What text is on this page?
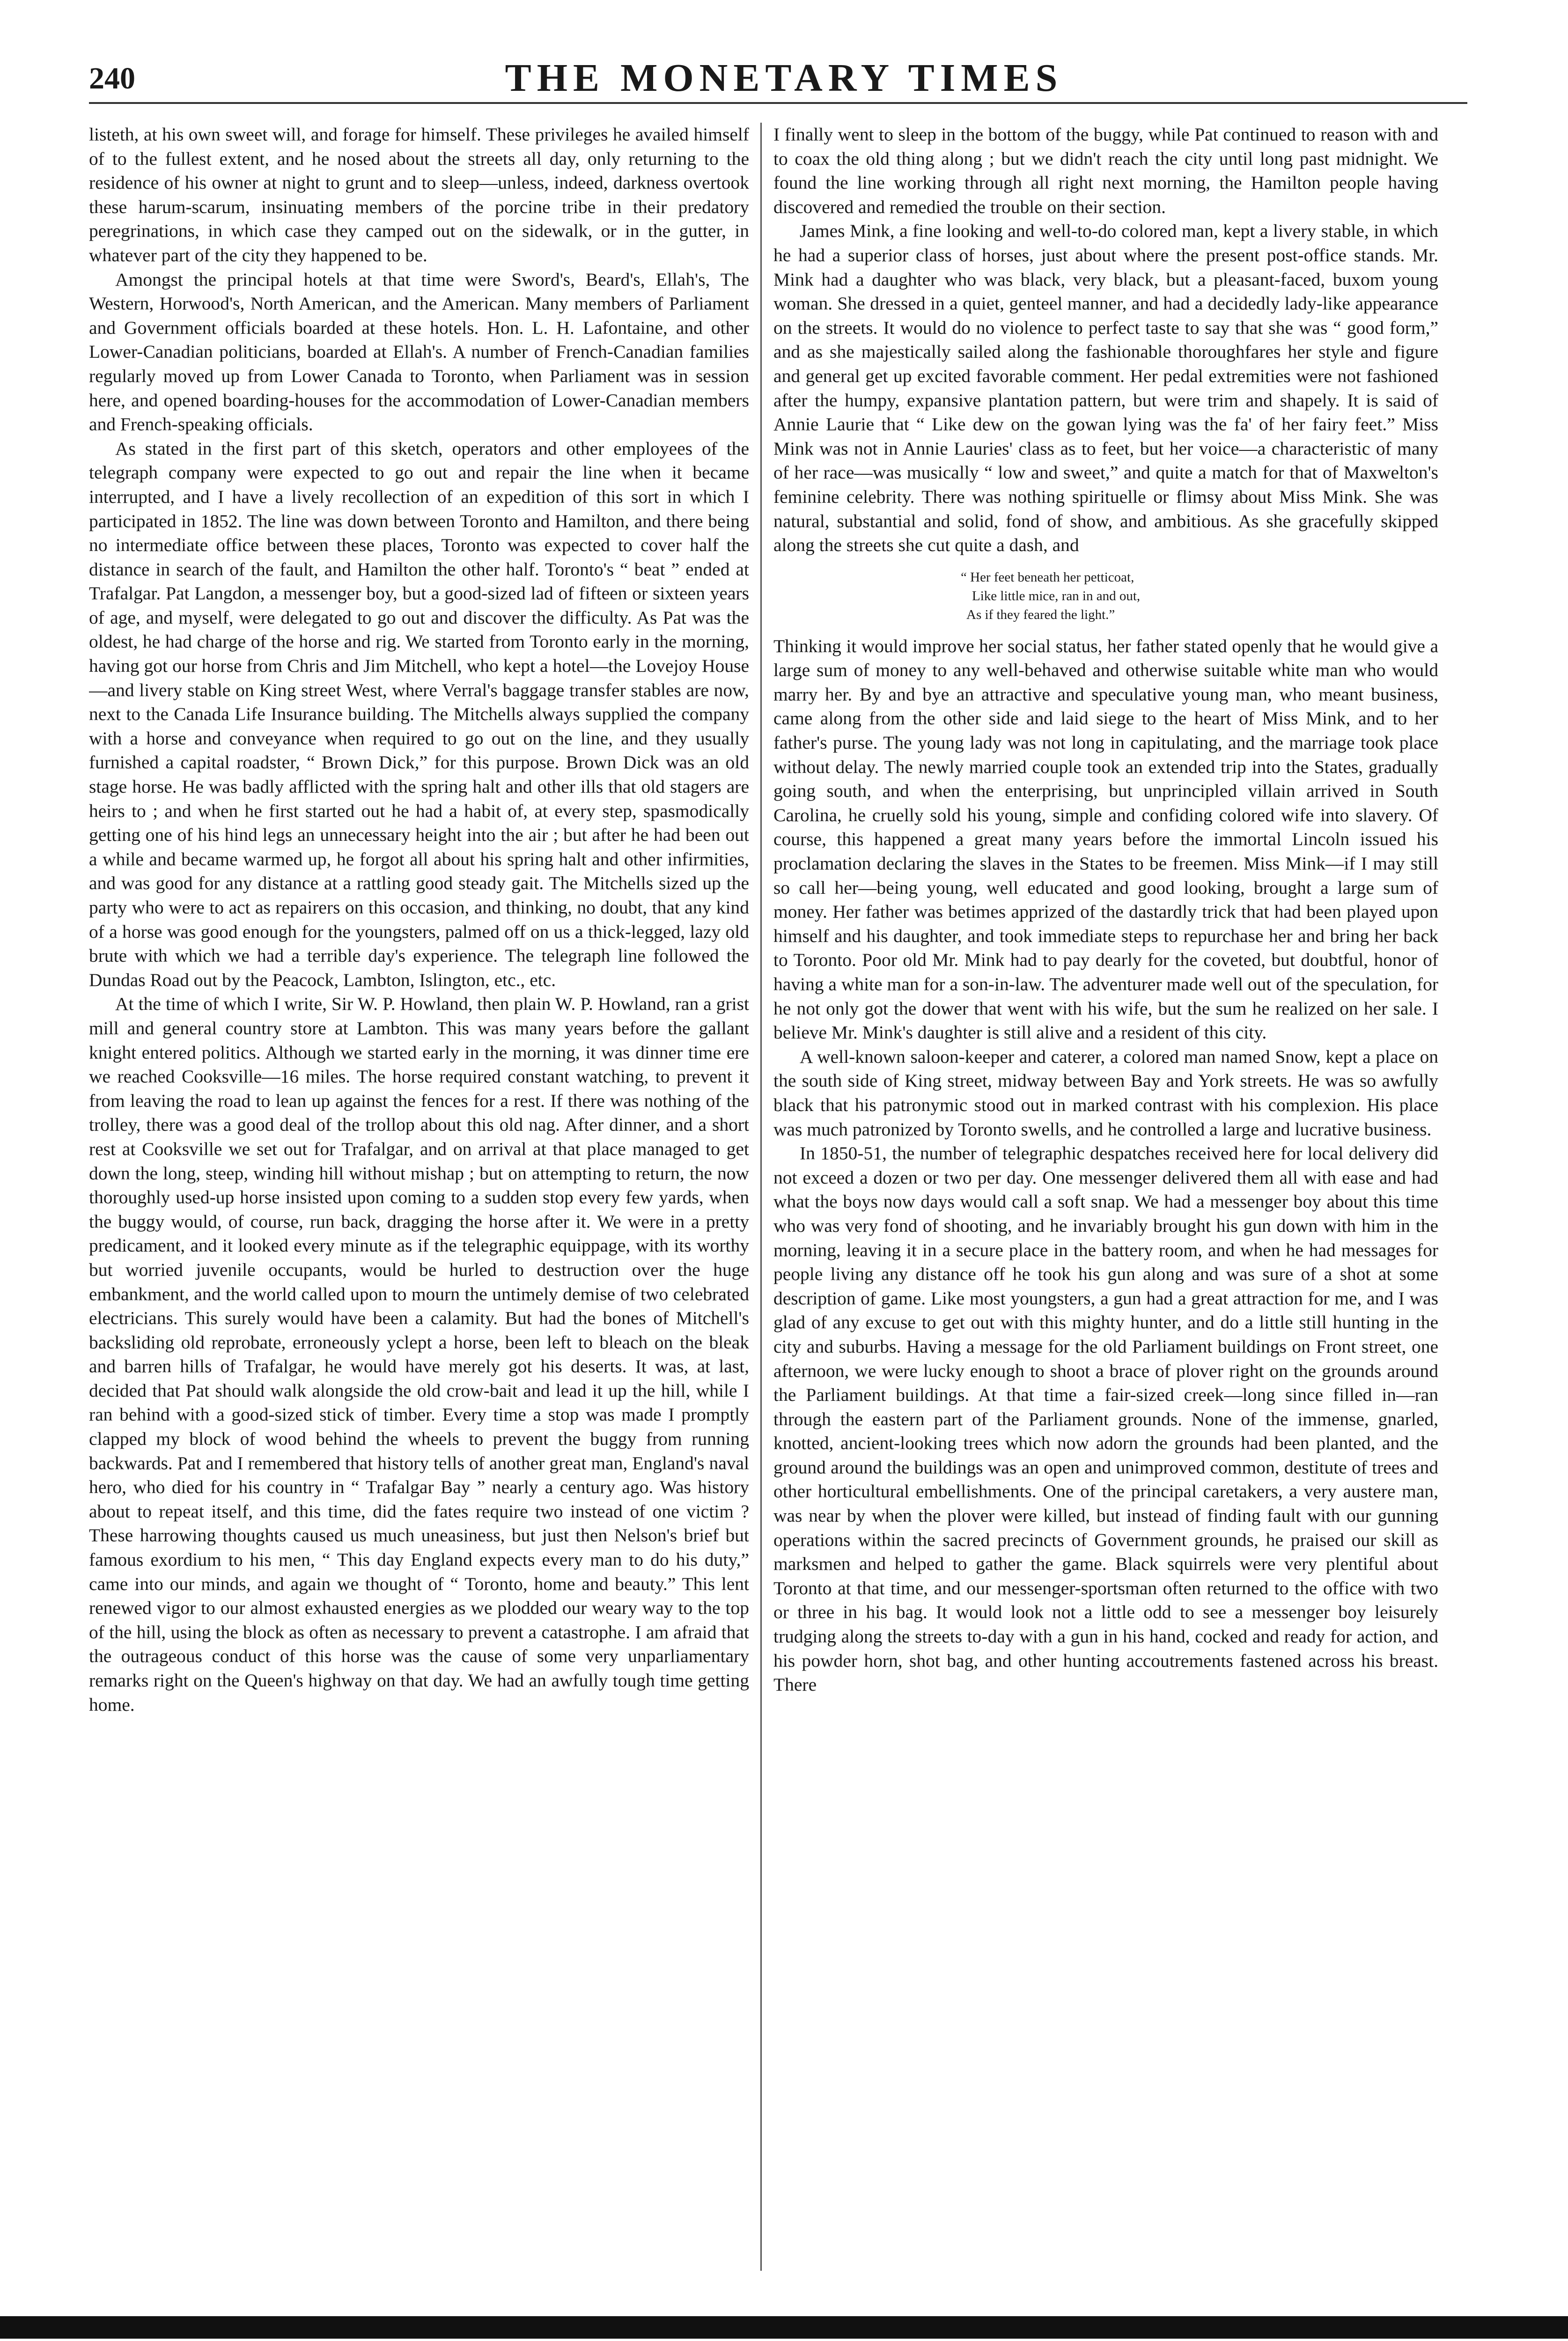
240	THE MONETARY TIMES

listeth, at his own sweet will, and forage for himself. These privileges he availed himself of to the fullest extent, and he nosed about the streets all day, only returning to the residence of his owner at night to grunt and to sleep—unless, indeed, darkness overtook these harum-scarum, insinuating members of the porcine tribe in their predatory peregrinations, in which case they camped out on the sidewalk, or in the gutter, in whatever part of the city they happened to be.

Amongst the principal hotels at that time were Sword's, Beard's, Ellah's, The Western, Horwood's, North American, and the American. Many members of Parliament and Government officials boarded at these hotels. Hon. L. H. Lafontaine, and other Lower-Canadian politicians, boarded at Ellah's. A number of French-Canadian families regularly moved up from Lower Canada to Toronto, when Parliament was in session here, and opened boarding-houses for the accommodation of Lower-Canadian members and French-speaking officials.

As stated in the first part of this sketch, operators and other employees of the telegraph company were expected to go out and repair the line when it became interrupted, and I have a lively recollection of an expedition of this sort in which I participated in 1852. The line was down between Toronto and Hamilton, and there being no intermediate office between these places, Toronto was expected to cover half the distance in search of the fault, and Hamilton the other half. Toronto's “ beat ” ended at Trafalgar. Pat Langdon, a messenger boy, but a good-sized lad of fifteen or sixteen years of age, and myself, were delegated to go out and discover the difficulty. As Pat was the oldest, he had charge of the horse and rig. We started from Toronto early in the morning, having got our horse from Chris and Jim Mitchell, who kept a hotel—the Lovejoy House—and livery stable on King street West, where Verral's baggage transfer stables are now, next to the Canada Life Insurance building. The Mitchells always supplied the company with a horse and conveyance when required to go out on the line, and they usually furnished a capital roadster, “ Brown Dick,” for this purpose. Brown Dick was an old stage horse. He was badly afflicted with the spring halt and other ills that old stagers are heirs to ; and when he first started out he had a habit of, at every step, spasmodically getting one of his hind legs an unnecessary height into the air ; but after he had been out a while and became warmed up, he forgot all about his spring halt and other infirmities, and was good for any distance at a rattling good steady gait. The Mitchells sized up the party who were to act as repairers on this occasion, and thinking, no doubt, that any kind of a horse was good enough for the youngsters, palmed off on us a thick-legged, lazy old brute with which we had a terrible day's experience. The telegraph line followed the Dundas Road out by the Peacock, Lambton, Islington, etc., etc.

At the time of which I write, Sir W. P. Howland, then plain W. P. Howland, ran a grist mill and general country store at Lambton. This was many years before the gallant knight entered politics. Although we started early in the morning, it was dinner time ere we reached Cooksville—16 miles. The horse required constant watching, to prevent it from leaving the road to lean up against the fences for a rest. If there was nothing of the trolley, there was a good deal of the trollop about this old nag. After dinner, and a short rest at Cooksville we set out for Trafalgar, and on arrival at that place managed to get down the long, steep, winding hill without mishap ; but on attempting to return, the now thoroughly used-up horse insisted upon coming to a sudden stop every few yards, when the buggy would, of course, run back, dragging the horse after it. We were in a pretty predicament, and it looked every minute as if the telegraphic equippage, with its worthy but worried juvenile occupants, would be hurled to destruction over the huge embankment, and the world called upon to mourn the untimely demise of two celebrated electricians. This surely would have been a calamity. But had the bones of Mitchell's backsliding old reprobate, erroneously yclept a horse, been left to bleach on the bleak and barren hills of Trafalgar, he would have merely got his deserts. It was, at last, decided that Pat should walk alongside the old crow-bait and lead it up the hill, while I ran behind with a good-sized stick of timber. Every time a stop was made I promptly clapped my block of wood behind the wheels to prevent the buggy from running backwards. Pat and I remembered that history tells of another great man, England's naval hero, who died for his country in “ Trafalgar Bay ” nearly a century ago. Was history about to repeat itself, and this time, did the fates require two instead of one victim ? These harrowing thoughts caused us much uneasiness, but just then Nelson's brief but famous exordium to his men, “ This day England expects every man to do his duty,” came into our minds, and again we thought of “ Toronto, home and beauty.” This lent renewed vigor to our almost exhausted energies as we plodded our weary way to the top of the hill, using the block as often as necessary to prevent a catastrophe. I am afraid that the outrageous conduct of this horse was the cause of some very unparliamentary remarks right on the Queen's highway on that day. We had an awfully tough time getting home.

I finally went to sleep in the bottom of the buggy, while Pat continued to reason with and to coax the old thing along ; but we didn't reach the city until long past midnight. We found the line working through all right next morning, the Hamilton people having discovered and remedied the trouble on their section.

James Mink, a fine looking and well-to-do colored man, kept a livery stable, in which he had a superior class of horses, just about where the present post-office stands. Mr. Mink had a daughter who was black, very black, but a pleasant-faced, buxom young woman. She dressed in a quiet, genteel manner, and had a decidedly lady-like appearance on the streets. It would do no violence to perfect taste to say that she was “ good form,” and as she majestically sailed along the fashionable thoroughfares her style and figure and general get up excited favorable comment. Her pedal extremities were not fashioned after the humpy, expansive plantation pattern, but were trim and shapely. It is said of Annie Laurie that “ Like dew on the gowan lying was the fa' of her fairy feet.” Miss Mink was not in Annie Lauries' class as to feet, but her voice—a characteristic of many of her race—was musically “ low and sweet,” and quite a match for that of Maxwelton's feminine celebrity. There was nothing spirituelle or flimsy about Miss Mink. She was natural, substantial and solid, fond of show, and ambitious. As she gracefully skipped along the streets she cut quite a dash, and

“ Her feet beneath her petticoat,
Like little mice, ran in and out,
As if they feared the light.”

Thinking it would improve her social status, her father stated openly that he would give a large sum of money to any well-behaved and otherwise suitable white man who would marry her. By and bye an attractive and speculative young man, who meant business, came along from the other side and laid siege to the heart of Miss Mink, and to her father's purse. The young lady was not long in capitulating, and the marriage took place without delay. The newly married couple took an extended trip into the States, gradually going south, and when the enterprising, but unprincipled villain arrived in South Carolina, he cruelly sold his young, simple and confiding colored wife into slavery. Of course, this happened a great many years before the immortal Lincoln issued his proclamation declaring the slaves in the States to be freemen. Miss Mink—if I may still so call her—being young, well educated and good looking, brought a large sum of money. Her father was betimes apprized of the dastardly trick that had been played upon himself and his daughter, and took immediate steps to repurchase her and bring her back to Toronto. Poor old Mr. Mink had to pay dearly for the coveted, but doubtful, honor of having a white man for a son-in-law. The adventurer made well out of the speculation, for he not only got the dower that went with his wife, but the sum he realized on her sale. I believe Mr. Mink's daughter is still alive and a resident of this city.

A well-known saloon-keeper and caterer, a colored man named Snow, kept a place on the south side of King street, midway between Bay and York streets. He was so awfully black that his patronymic stood out in marked contrast with his complexion. His place was much patronized by Toronto swells, and he controlled a large and lucrative business.

In 1850-51, the number of telegraphic despatches received here for local delivery did not exceed a dozen or two per day. One messenger delivered them all with ease and had what the boys now days would call a soft snap. We had a messenger boy about this time who was very fond of shooting, and he invariably brought his gun down with him in the morning, leaving it in a secure place in the battery room, and when he had messages for people living any distance off he took his gun along and was sure of a shot at some description of game. Like most youngsters, a gun had a great attraction for me, and I was glad of any excuse to get out with this mighty hunter, and do a little still hunting in the city and suburbs. Having a message for the old Parliament buildings on Front street, one afternoon, we were lucky enough to shoot a brace of plover right on the grounds around the Parliament buildings. At that time a fair-sized creek—long since filled in—ran through the eastern part of the Parliament grounds. None of the immense, gnarled, knotted, ancient-looking trees which now adorn the grounds had been planted, and the ground around the buildings was an open and unimproved common, destitute of trees and other horticultural embellishments. One of the principal caretakers, a very austere man, was near by when the plover were killed, but instead of finding fault with our gunning operations within the sacred precincts of Government grounds, he praised our skill as marksmen and helped to gather the game. Black squirrels were very plentiful about Toronto at that time, and our messenger-sportsman often returned to the office with two or three in his bag. It would look not a little odd to see a messenger boy leisurely trudging along the streets to-day with a gun in his hand, cocked and ready for action, and his powder horn, shot bag, and other hunting accoutrements fastened across his breast. There
